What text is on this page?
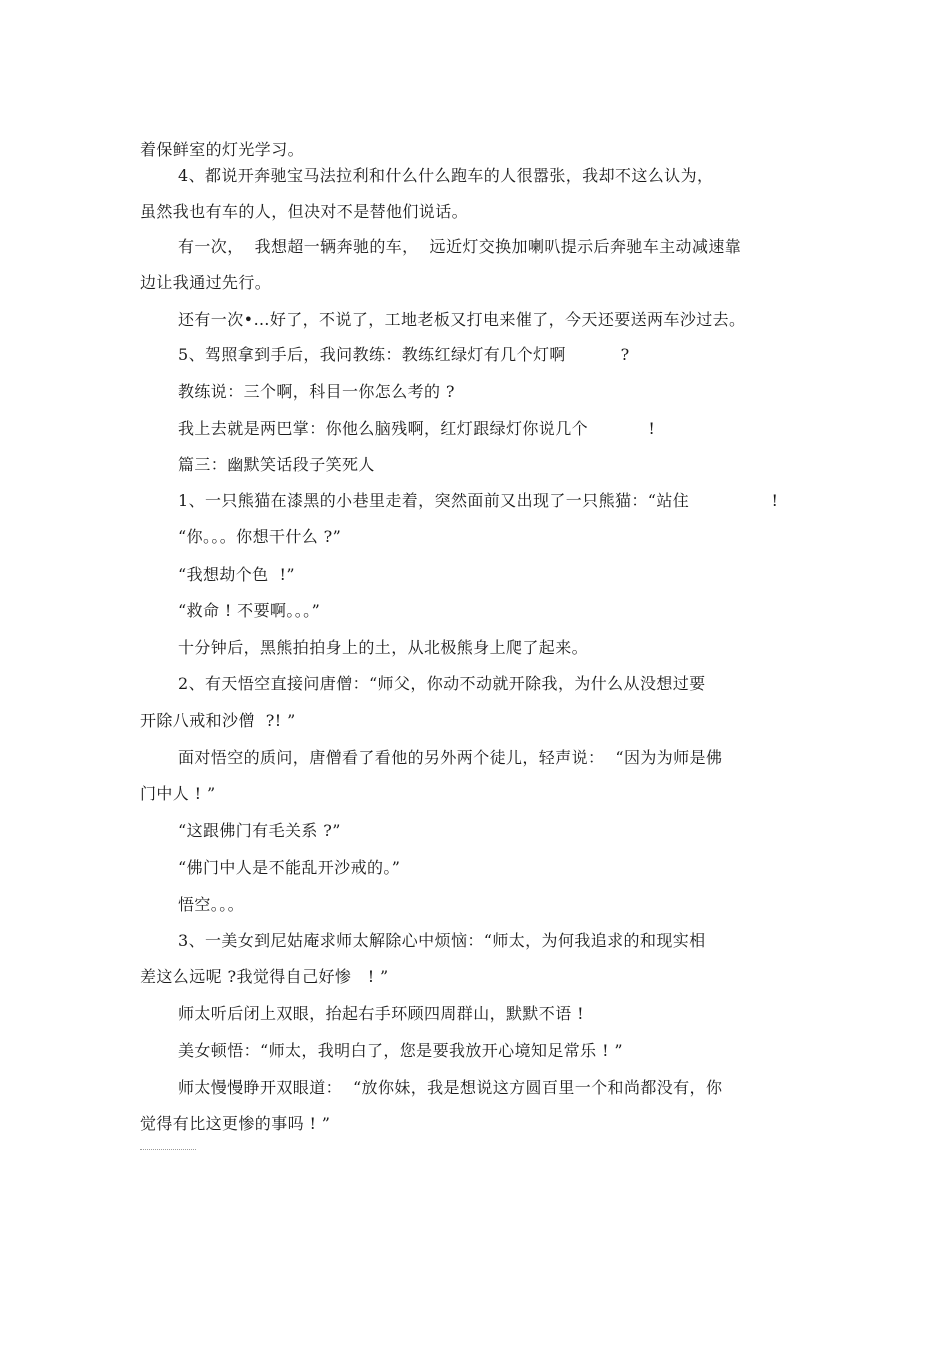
着保鲜室的灯光学习。
4、都说开奔驰宝马法拉利和什么什么跑车的人很嚣张，我却不这么认为，
虽然我也有车的人，但决对不是替他们说话。
有一次，  我想超一辆奔驰的车，  远近灯交换加喇叭提示后奔驰车主动减速靠
边让我通过先行。
还有一次•…好了，不说了，工地老板又打电来催了，今天还要送两车沙过去。
5、驾照拿到手后，我问教练：教练红绿灯有几个灯啊          ?
教练说：三个啊，科目一你怎么考的 ?
我上去就是两巴掌：你他么脑残啊，红灯跟绿灯你说几个           !
篇三：幽默笑话段子笑死人
1、一只熊猫在漆黑的小巷里走着，突然面前又出现了一只熊猫：“站住               !
“你。。。你想干什么 ?”
“我想劫个色  !”
“救命 ! 不要啊。。。”
十分钟后，黑熊拍拍身上的土，从北极熊身上爬了起来。
2、有天悟空直接问唐僧：“师父，你动不动就开除我，为什么从没想过要
开除八戒和沙僧  ?! ”
面对悟空的质问，唐僧看了看他的另外两个徒儿，轻声说：  “因为为师是佛
门中人 ! ”
“这跟佛门有毛关系 ?”
“佛门中人是不能乱开沙戒的。”
悟空。。。
3、一美女到尼姑庵求师太解除心中烦恼：“师太，为何我追求的和现实相
差这么远呢 ?我觉得自己好惨   ! ”
师太听后闭上双眼，抬起右手环顾四周群山，默默不语 !
美女顿悟：“师太，我明白了，您是要我放开心境知足常乐 ! ”
师太慢慢睁开双眼道：  “放你妹，我是想说这方圆百里一个和尚都没有，你
觉得有比这更惨的事吗 ! ”
